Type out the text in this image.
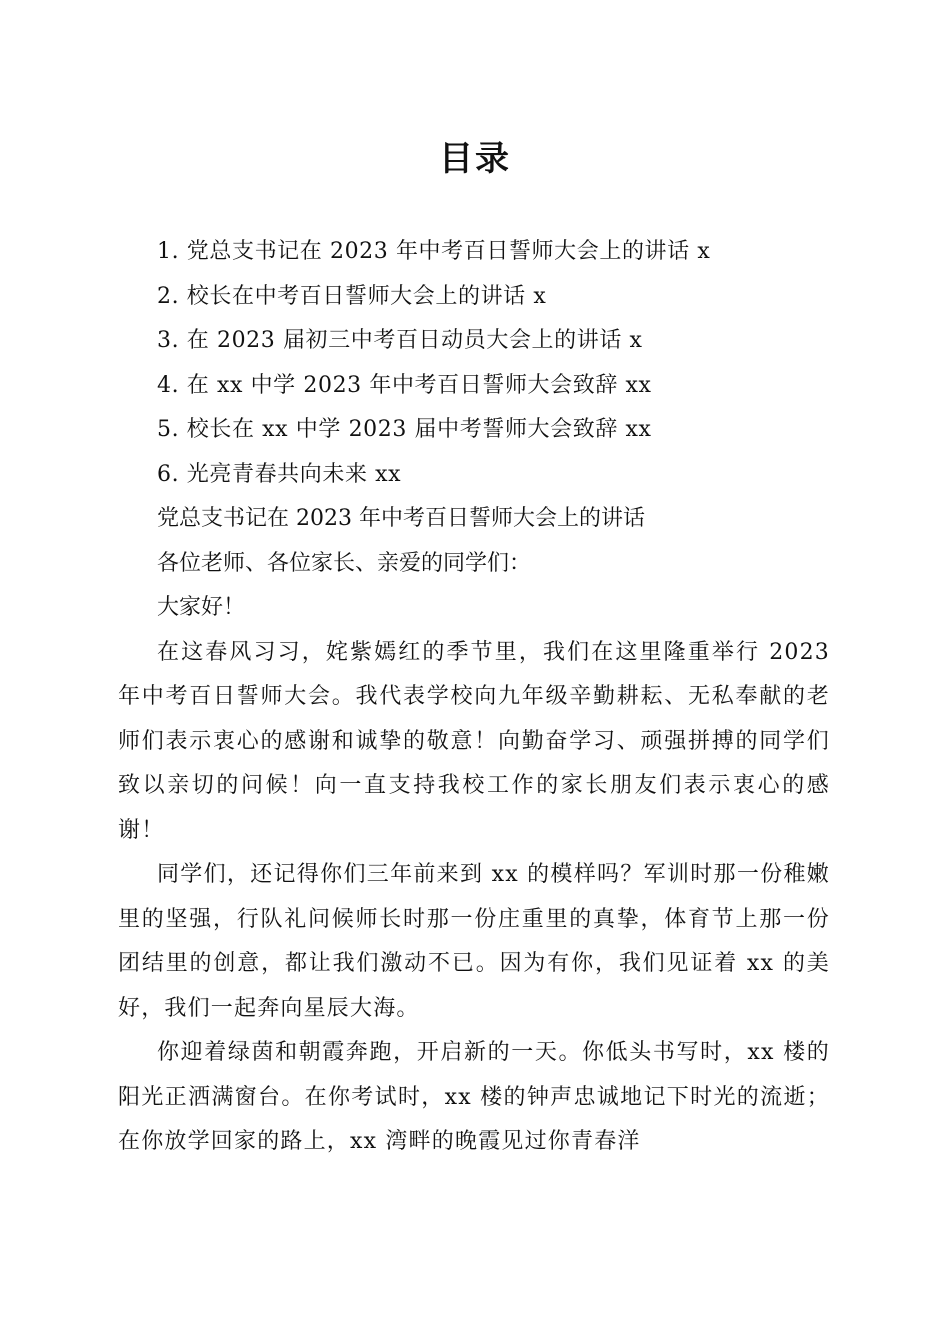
目录
1. 党总支书记在 2023 年中考百日誓师大会上的讲话 x
2. 校长在中考百日誓师大会上的讲话 x
3. 在 2023 届初三中考百日动员大会上的讲话 x
4. 在 xx 中学 2023 年中考百日誓师大会致辞 xx
5. 校长在 xx 中学 2023 届中考誓师大会致辞 xx
6. 光亮青春共向未来 xx
党总支书记在 2023 年中考百日誓师大会上的讲话
各位老师、各位家长、亲爱的同学们：
大家好！
在这春风习习，姹紫嫣红的季节里，我们在这里隆重举行 2023 年中考百日誓师大会。我代表学校向九年级辛勤耕耘、无私奉献的老师们表示衷心的感谢和诚挚的敬意！向勤奋学习、顽强拼搏的同学们致以亲切的问候！向一直支持我校工作的家长朋友们表示衷心的感谢！
同学们，还记得你们三年前来到 xx 的模样吗？军训时那一份稚嫩里的坚强，行队礼问候师长时那一份庄重里的真挚，体育节上那一份团结里的创意，都让我们激动不已。因为有你，我们见证着 xx 的美好，我们一起奔向星辰大海。
你迎着绿茵和朝霞奔跑，开启新的一天。你低头书写时，xx 楼的阳光正洒满窗台。在你考试时，xx 楼的钟声忠诚地记下时光的流逝；在你放学回家的路上，xx 湾畔的晚霞见过你青春洋
